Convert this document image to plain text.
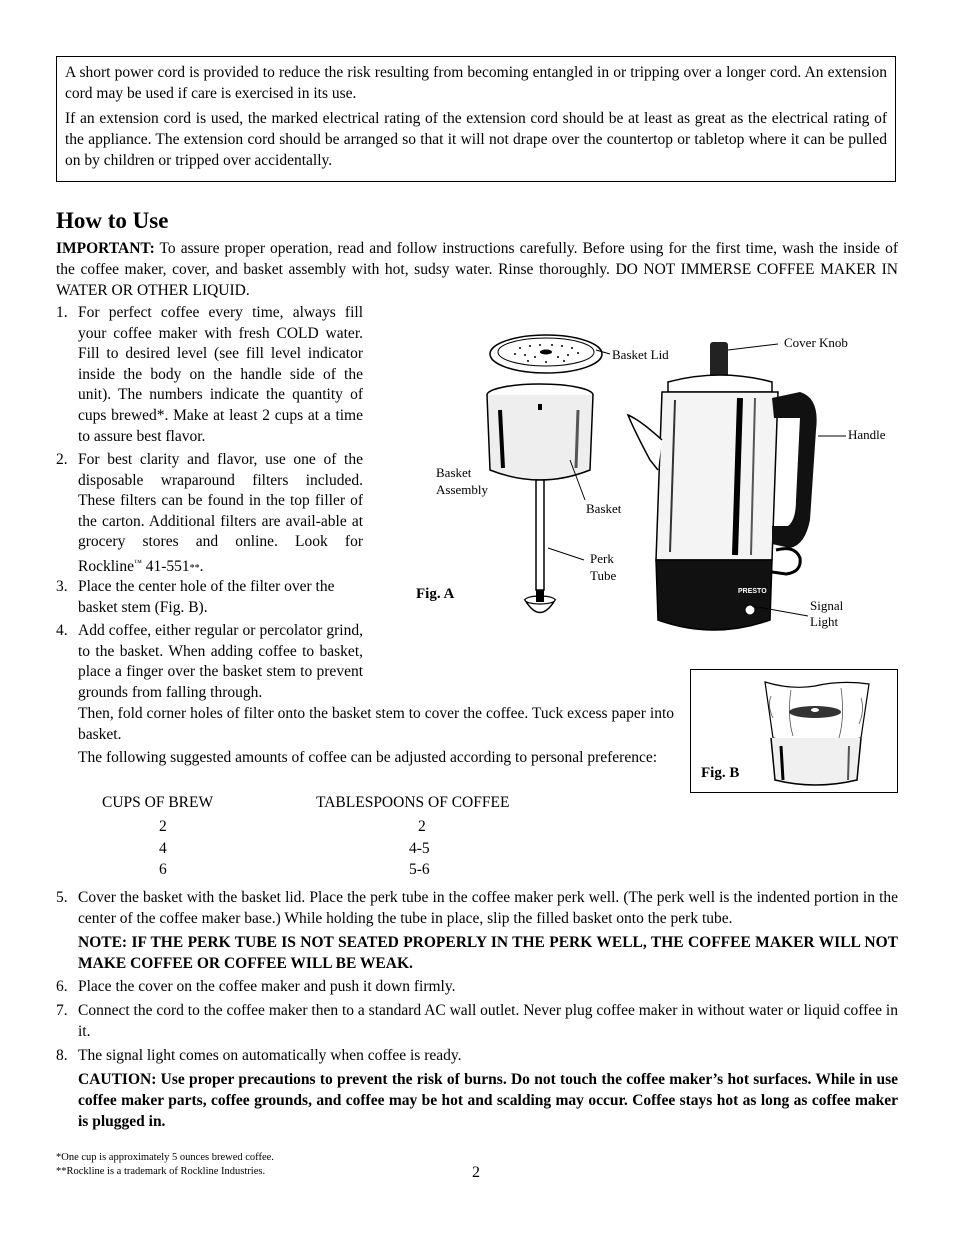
A short power cord is provided to reduce the risk resulting from becoming entangled in or tripping over a longer cord. An extension cord may be used if care is exercised in its use.

If an extension cord is used, the marked electrical rating of the extension cord should be at least as great as the electrical rating of the appliance. The extension cord should be arranged so that it will not drape over the countertop or tabletop where it can be pulled on by children or tripped over accidentally.

How to Use

IMPORTANT: To assure proper operation, read and follow instructions carefully. Before using for the first time, wash the inside of the coffee maker, cover, and basket assembly with hot, sudsy water. Rinse thoroughly. DO NOT IMMERSE COFFEE MAKER IN WATER OR OTHER LIQUID.

1. For perfect coffee every time, always fill your coffee maker with fresh COLD water. Fill to desired level (see fill level indicator inside the body on the handle side of the unit). The numbers indicate the quantity of cups brewed*. Make at least 2 cups at a time to assure best flavor.

2. For best clarity and flavor, use one of the disposable wraparound filters included. These filters can be found in the top filler of the carton. Additional filters are avail-able at grocery stores and online. Look for Rockline™ 41-551**.

3. Place the center hole of the filter over the basket stem (Fig. B).

4. Add coffee, either regular or percolator grind, to the basket. When adding coffee to basket, place a finger over the basket stem to prevent grounds from falling through.

Then, fold corner holes of filter onto the basket stem to cover the coffee. Tuck excess paper into basket.

The following suggested amounts of coffee can be adjusted according to personal preference:

CUPS OF BREW	TABLESPOONS OF COFFEE
2	2
4	4-5
6	5-6
5. Cover the basket with the basket lid. Place the perk tube in the coffee maker perk well. (The perk well is the indented portion in the center of the coffee maker base.) While holding the tube in place, slip the filled basket onto the perk tube.

NOTE: IF THE PERK TUBE IS NOT SEATED PROPERLY IN THE PERK WELL, THE COFFEE MAKER WILL NOT MAKE COFFEE OR COFFEE WILL BE WEAK.

6. Place the cover on the coffee maker and push it down firmly.

7. Connect the cord to the coffee maker then to a standard AC wall outlet. Never plug coffee maker in without water or liquid coffee in it.

8. The signal light comes on automatically when coffee is ready.

CAUTION: Use proper precautions to prevent the risk of burns. Do not touch the coffee maker’s hot surfaces. While in use coffee maker parts, coffee grounds, and coffee may be hot and scalding may occur. Coffee stays hot as long as coffee maker is plugged in.

PRESTO
Basket Lid
Cover Knob
Handle
Basket
Assembly
Basket
Perk
Tube
Signal
Light
Fig. A
Fig. B
*One cup is approximately 5 ounces brewed coffee.
**Rockline is a trademark of Rockline Industries.	2
